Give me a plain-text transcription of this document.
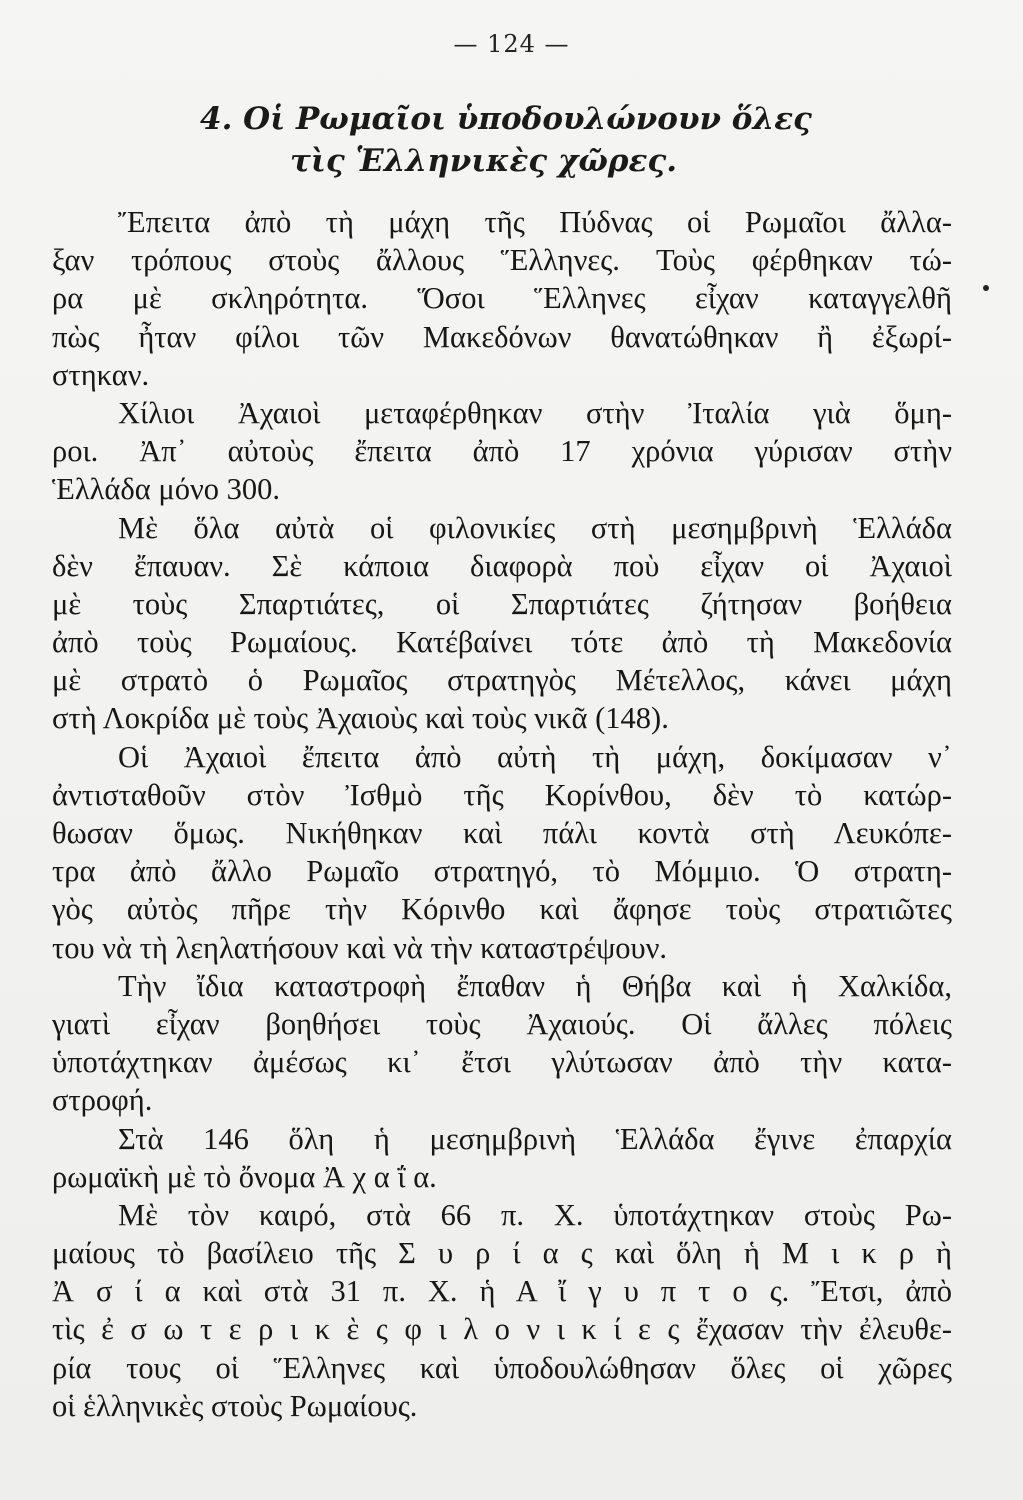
— 124 —
4. Οἱ Ρωμαῖοι ὑποδουλώνουν ὅλες
τὶς Ἑλληνικὲς χῶρες.
Ἔπειτα ἀπὸ τὴ μάχη τῆς Πύδνας οἱ Ρωμαῖοι ἄλλα-
ξαν τρόπους στοὺς ἄλλους Ἕλληνες. Τοὺς φέρθηκαν τώ-
ρα μὲ σκληρότητα. Ὅσοι Ἕλληνες εἶχαν καταγγελθῆ
πὼς ἦταν φίλοι τῶν Μακεδόνων θανατώθηκαν ἢ ἐξωρί-
στηκαν.
Χίλιοι Ἀχαιοὶ μεταφέρθηκαν στὴν Ἰταλία γιὰ ὅμη-
ροι. Ἀπ᾿ αὐτοὺς ἔπειτα ἀπὸ 17 χρόνια γύρισαν στὴν
Ἑλλάδα μόνο 300.
Μὲ ὅλα αὐτὰ οἱ φιλονικίες στὴ μεσημβρινὴ Ἑλλάδα
δὲν ἔπαυαν. Σὲ κάποια διαφορὰ ποὺ εἶχαν οἱ Ἀχαιοὶ
μὲ τοὺς Σπαρτιάτες, οἱ Σπαρτιάτες ζήτησαν βοήθεια
ἀπὸ τοὺς Ρωμαίους. Κατέβαίνει τότε ἀπὸ τὴ Μακεδονία
μὲ στρατὸ ὁ Ρωμαῖος στρατηγὸς Μέτελλος, κάνει μάχη
στὴ Λοκρίδα μὲ τοὺς Ἀχαιοὺς καὶ τοὺς νικᾶ (148).
Οἱ Ἀχαιοὶ ἔπειτα ἀπὸ αὐτὴ τὴ μάχη, δοκίμασαν ν᾿
ἀντισταθοῦν στὸν Ἰσθμὸ τῆς Κορίνθου, δὲν τὸ κατώρ-
θωσαν ὅμως. Νικήθηκαν καὶ πάλι κοντὰ στὴ Λευκόπε-
τρα ἀπὸ ἄλλο Ρωμαῖο στρατηγό, τὸ Μόμμιο. Ὁ στρατη-
γὸς αὐτὸς πῆρε τὴν Κόρινθο καὶ ἄφησε τοὺς στρατιῶτες
του νὰ τὴ λεηλατήσουν καὶ νὰ τὴν καταστρέψουν.
Τὴν ἴδια καταστροφὴ ἔπαθαν ἡ Θήβα καὶ ἡ Χαλκίδα,
γιατὶ εἶχαν βοηθήσει τοὺς Ἀχαιούς. Οἱ ἄλλες πόλεις
ὑποτάχτηκαν ἀμέσως κι᾿ ἔτσι γλύτωσαν ἀπὸ τὴν κατα-
στροφή.
Στὰ 146 ὅλη ἡ μεσημβρινὴ Ἑλλάδα ἔγινε ἐπαρχία
ρωμαϊκὴ μὲ τὸ ὄνομα Ἀ χ α ΐ α.
Μὲ τὸν καιρό, στὰ 66 π. Χ. ὑποτάχτηκαν στοὺς Ρω-
μαίους τὸ βασίλειο τῆς Σ υ ρ ί α ς καὶ ὅλη ἡ Μ ι κ ρ ὴ
Ἀ σ ί α καὶ στὰ 31 π. Χ. ἡ Α ἴ γ υ π τ ο ς. Ἔτσι, ἀπὸ
τὶς ἐ σ ω τ ε ρ ι κ ὲ ς φ ι λ ο ν ι κ ί ε ς ἔχασαν τὴν ἐλευθε-
ρία τους οἱ Ἕλληνες καὶ ὑποδουλώθησαν ὅλες οἱ χῶρες
οἱ ἑλληνικὲς στοὺς Ρωμαίους.
